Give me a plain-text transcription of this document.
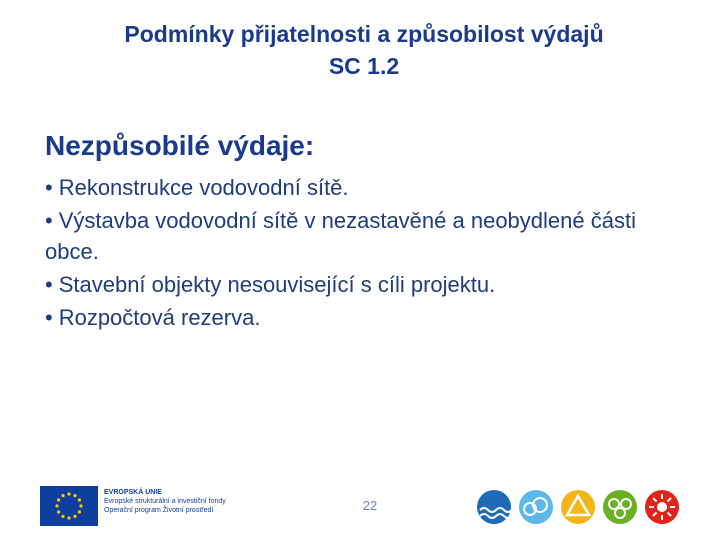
Podmínky přijatelnosti a způsobilost výdajů
SC 1.2
Nezpůsobilé výdaje:

• Rekonstrukce vodovodní sítě.

• Výstavba vodovodní sítě v nezastavěné a neobydlené části obce.

• Stavební objekty nesouvisející s cíli projektu.

• Rozpočtová rezerva.

EVROPSKÁ UNIE
Evropské strukturální a investiční fondy
Operační program Životní prostředí	22
